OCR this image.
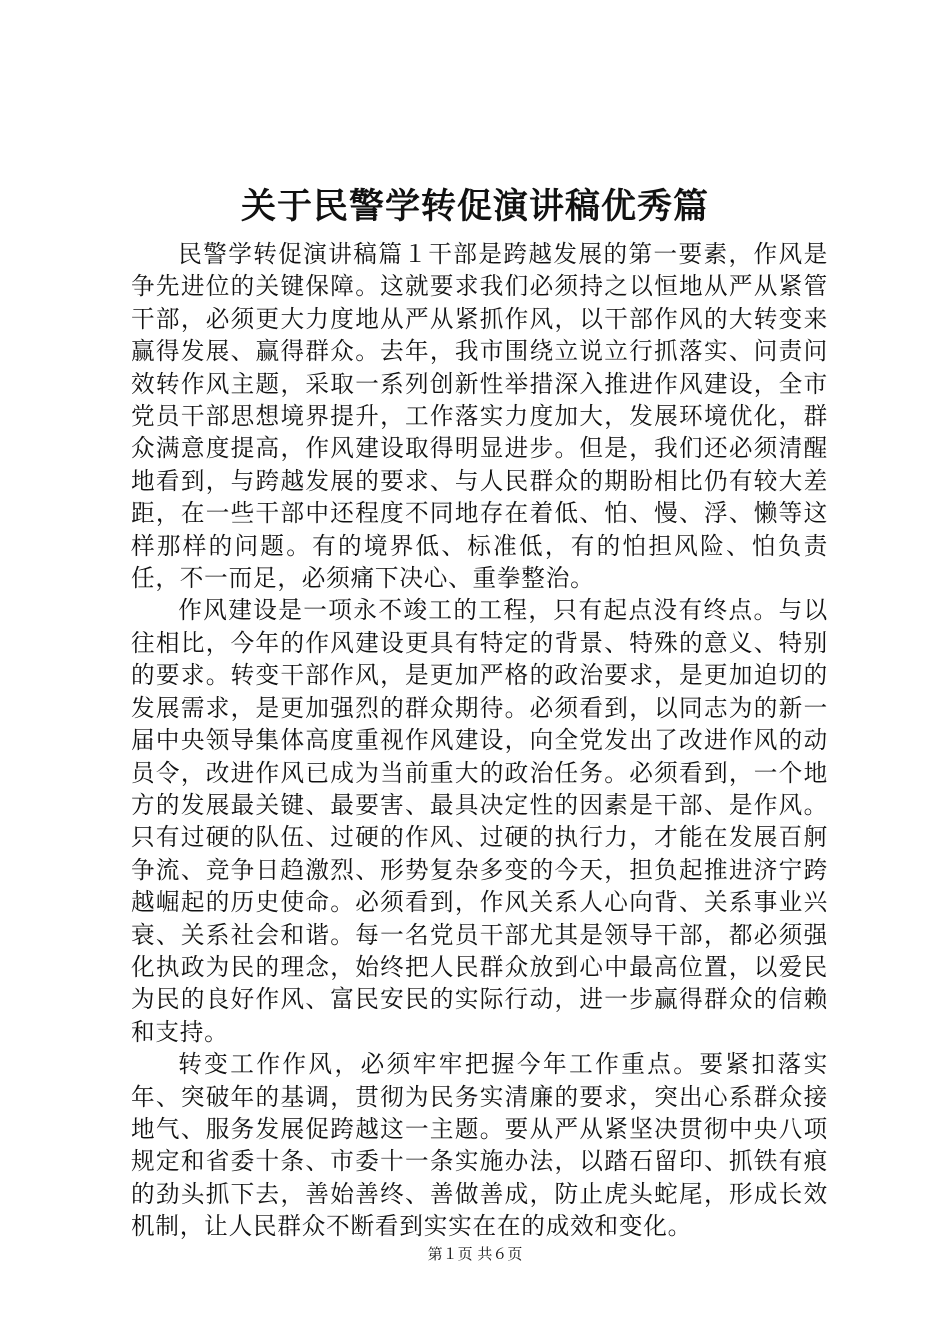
关于民警学转促演讲稿优秀篇

民警学转促演讲稿篇１干部是跨越发展的第一要素，作风是争先进位的关键保障。这就要求我们必须持之以恒地从严从紧管干部，必须更大力度地从严从紧抓作风，以干部作风的大转变来赢得发展、赢得群众。去年，我市围绕立说立行抓落实、问责问效转作风主题，采取一系列创新性举措深入推进作风建设，全市党员干部思想境界提升，工作落实力度加大，发展环境优化，群众满意度提高，作风建设取得明显进步。但是，我们还必须清醒地看到，与跨越发展的要求、与人民群众的期盼相比仍有较大差距，在一些干部中还程度不同地存在着低、怕、慢、浮、懒等这样那样的问题。有的境界低、标准低，有的怕担风险、怕负责任，不一而足，必须痛下决心、重拳整治。

作风建设是一项永不竣工的工程，只有起点没有终点。与以往相比，今年的作风建设更具有特定的背景、特殊的意义、特别的要求。转变干部作风，是更加严格的政治要求，是更加迫切的发展需求，是更加强烈的群众期待。必须看到，以同志为的新一届中央领导集体高度重视作风建设，向全党发出了改进作风的动员令，改进作风已成为当前重大的政治任务。必须看到，一个地方的发展最关键、最要害、最具决定性的因素是干部、是作风。只有过硬的队伍、过硬的作风、过硬的执行力，才能在发展百舸争流、竞争日趋激烈、形势复杂多变的今天，担负起推进济宁跨越崛起的历史使命。必须看到，作风关系人心向背、关系事业兴衰、关系社会和谐。每一名党员干部尤其是领导干部，都必须强化执政为民的理念，始终把人民群众放到心中最高位置，以爱民为民的良好作风、富民安民的实际行动，进一步赢得群众的信赖和支持。

转变工作作风，必须牢牢把握今年工作重点。要紧扣落实年、突破年的基调，贯彻为民务实清廉的要求，突出心系群众接地气、服务发展促跨越这一主题。要从严从紧坚决贯彻中央八项规定和省委十条、市委十一条实施办法，以踏石留印、抓铁有痕的劲头抓下去，善始善终、善做善成，防止虎头蛇尾，形成长效机制，让人民群众不断看到实实在在的成效和变化。

第１页 共６页
